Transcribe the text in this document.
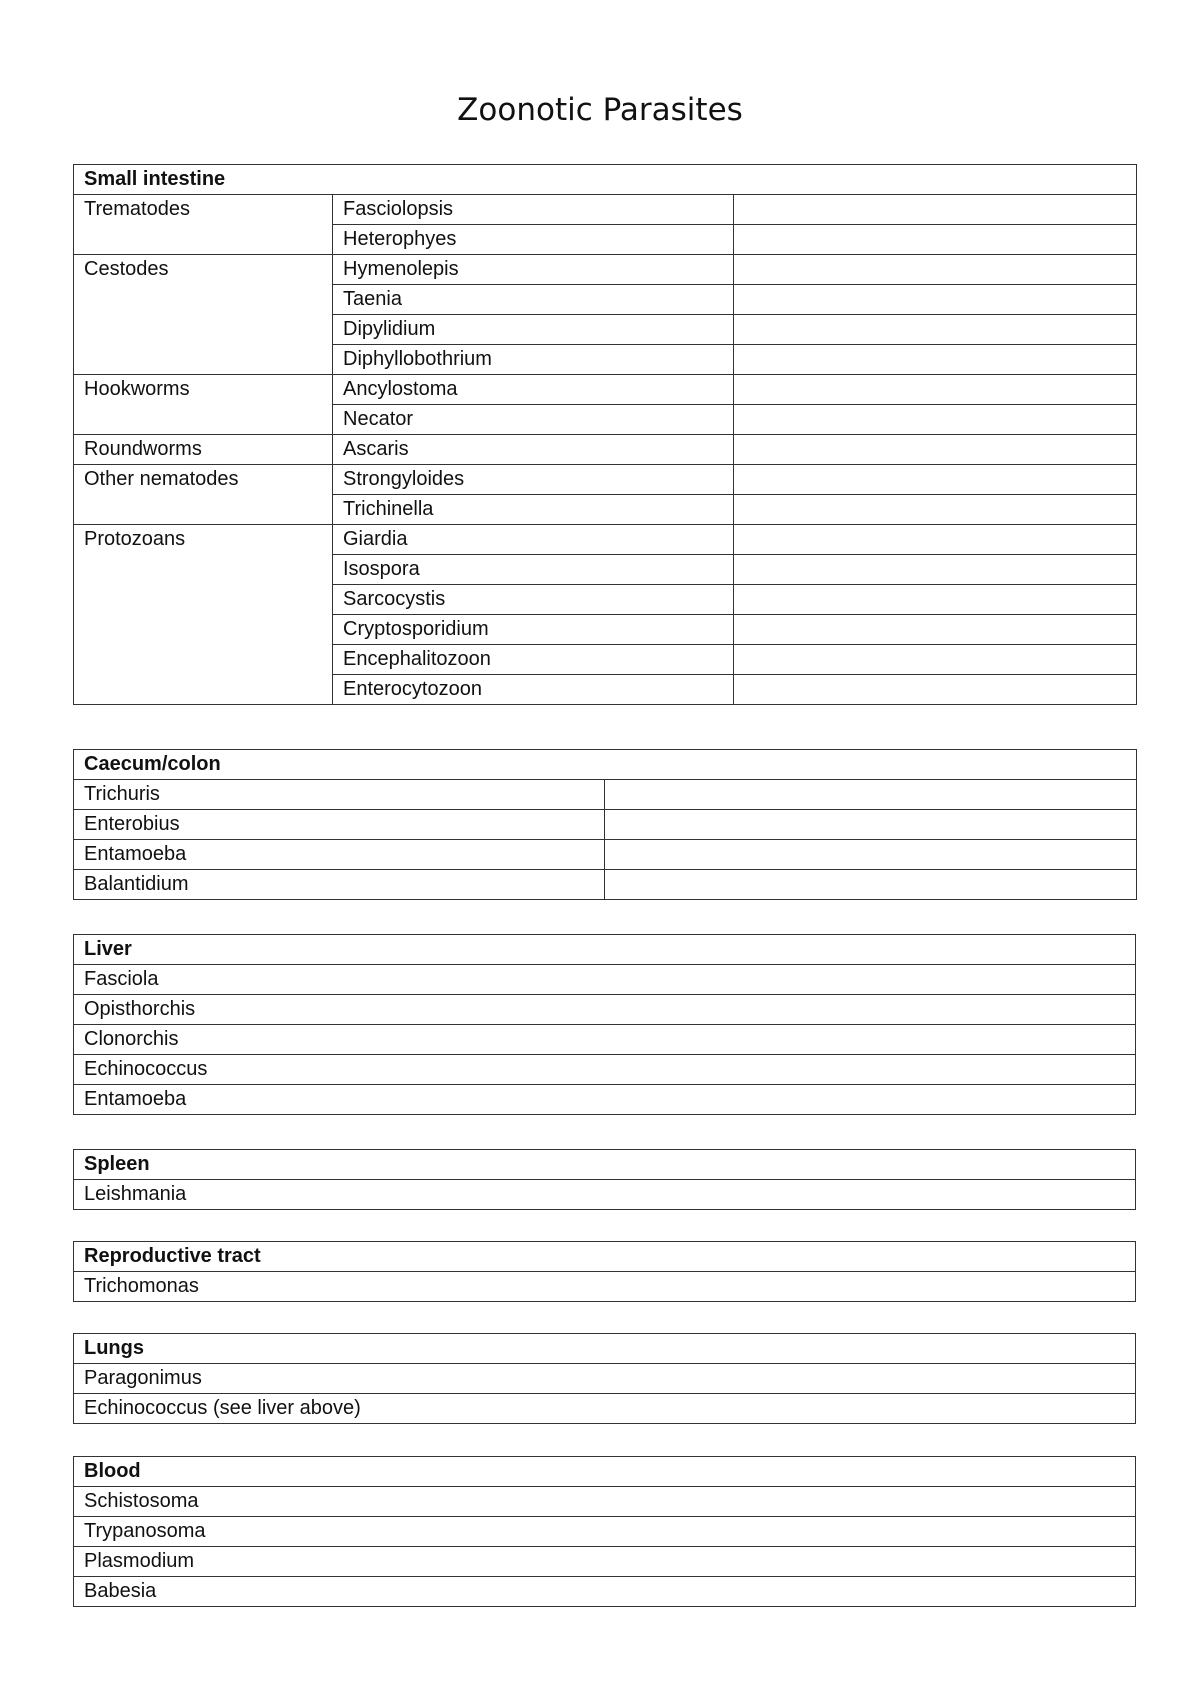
Zoonotic Parasites
Small intestine		
Trematodes	Fasciolopsis	
	Heterophyes	
Cestodes	Hymenolepis	
	Taenia	
	Dipylidium	
	Diphyllobothrium	
Hookworms	Ancylostoma	
	Necator	
Roundworms	Ascaris	
Other nematodes	Strongyloides	
	Trichinella	
Protozoans	Giardia	
	Isospora	
	Sarcocystis	
	Cryptosporidium	
	Encephalitozoon	
	Enterocytozoon	
Caecum/colon	
Trichuris	
Enterobius	
Entamoeba	
Balantidium	
Liver
Fasciola
Opisthorchis
Clonorchis
Echinococcus
Entamoeba
Spleen
Leishmania
Reproductive tract
Trichomonas
Lungs
Paragonimus
Echinococcus (see liver above)
Blood
Schistosoma
Trypanosoma
Plasmodium
Babesia
